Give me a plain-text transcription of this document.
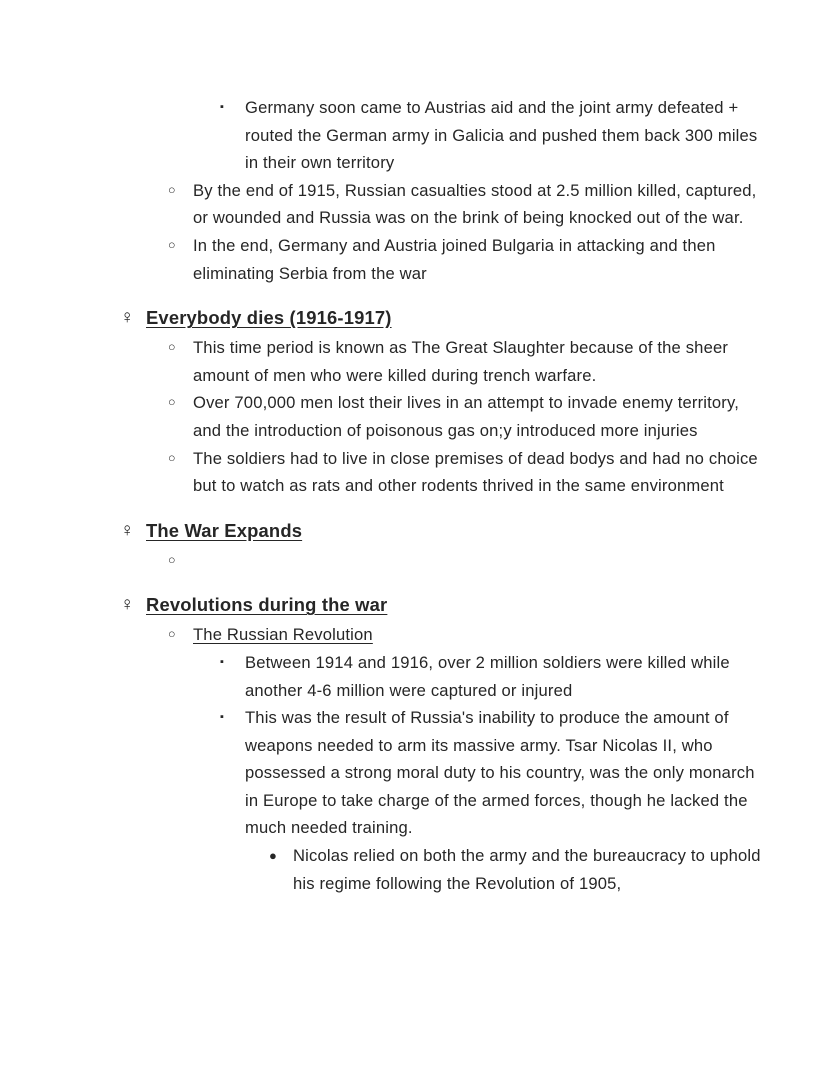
▪ Germany soon came to Austrias aid and the joint army defeated + routed the German army in Galicia and pushed them back 300 miles in their own territory
○ By the end of 1915, Russian casualties stood at 2.5 million killed, captured, or wounded and Russia was on the brink of being knocked out of the war.
○ In the end, Germany and Austria joined Bulgaria in attacking and then eliminating Serbia from the war
♀ Everybody dies (1916-1917)
○ This time period is known as The Great Slaughter because of the sheer amount of men who were killed during trench warfare.
○ Over 700,000 men lost their lives in an attempt to invade enemy territory, and the introduction of poisonous gas on;y introduced more injuries
○ The soldiers had to live in close premises of dead bodys and had no choice but to watch as rats and other rodents thrived in the same environment
♀ The War Expands
○
♀ Revolutions during the war
○ The Russian Revolution
▪ Between 1914 and 1916, over 2 million soldiers were killed while another 4-6 million were captured or injured
▪ This was the result of Russia's inability to produce the amount of weapons needed to arm its massive army. Tsar Nicolas II, who possessed a strong moral duty to his country, was the only monarch in Europe to take charge of the armed forces, though he lacked the much needed training.
● Nicolas relied on both the army and the bureaucracy to uphold his regime following the Revolution of 1905,
